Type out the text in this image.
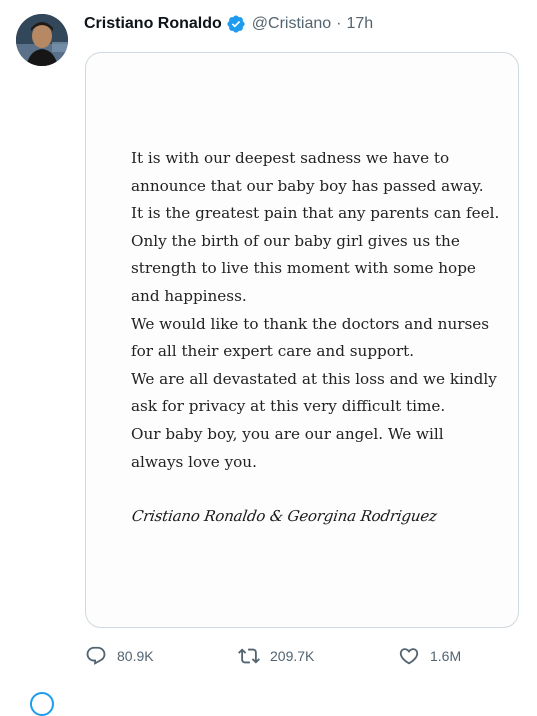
Cristiano Ronaldo @Cristiano · 17h

It is with our deepest sadness we have to
announce that our baby boy has passed away.
It is the greatest pain that any parents can feel.
Only the birth of our baby girl gives us the
strength to live this moment with some hope
and happiness.
We would like to thank the doctors and nurses
for all their expert care and support.
We are all devastated at this loss and we kindly
ask for privacy at this very difficult time.
Our baby boy, you are our angel. We will
always love you.

Cristiano Ronaldo & Georgina Rodriguez
80.9K	209.7K	1.6M
